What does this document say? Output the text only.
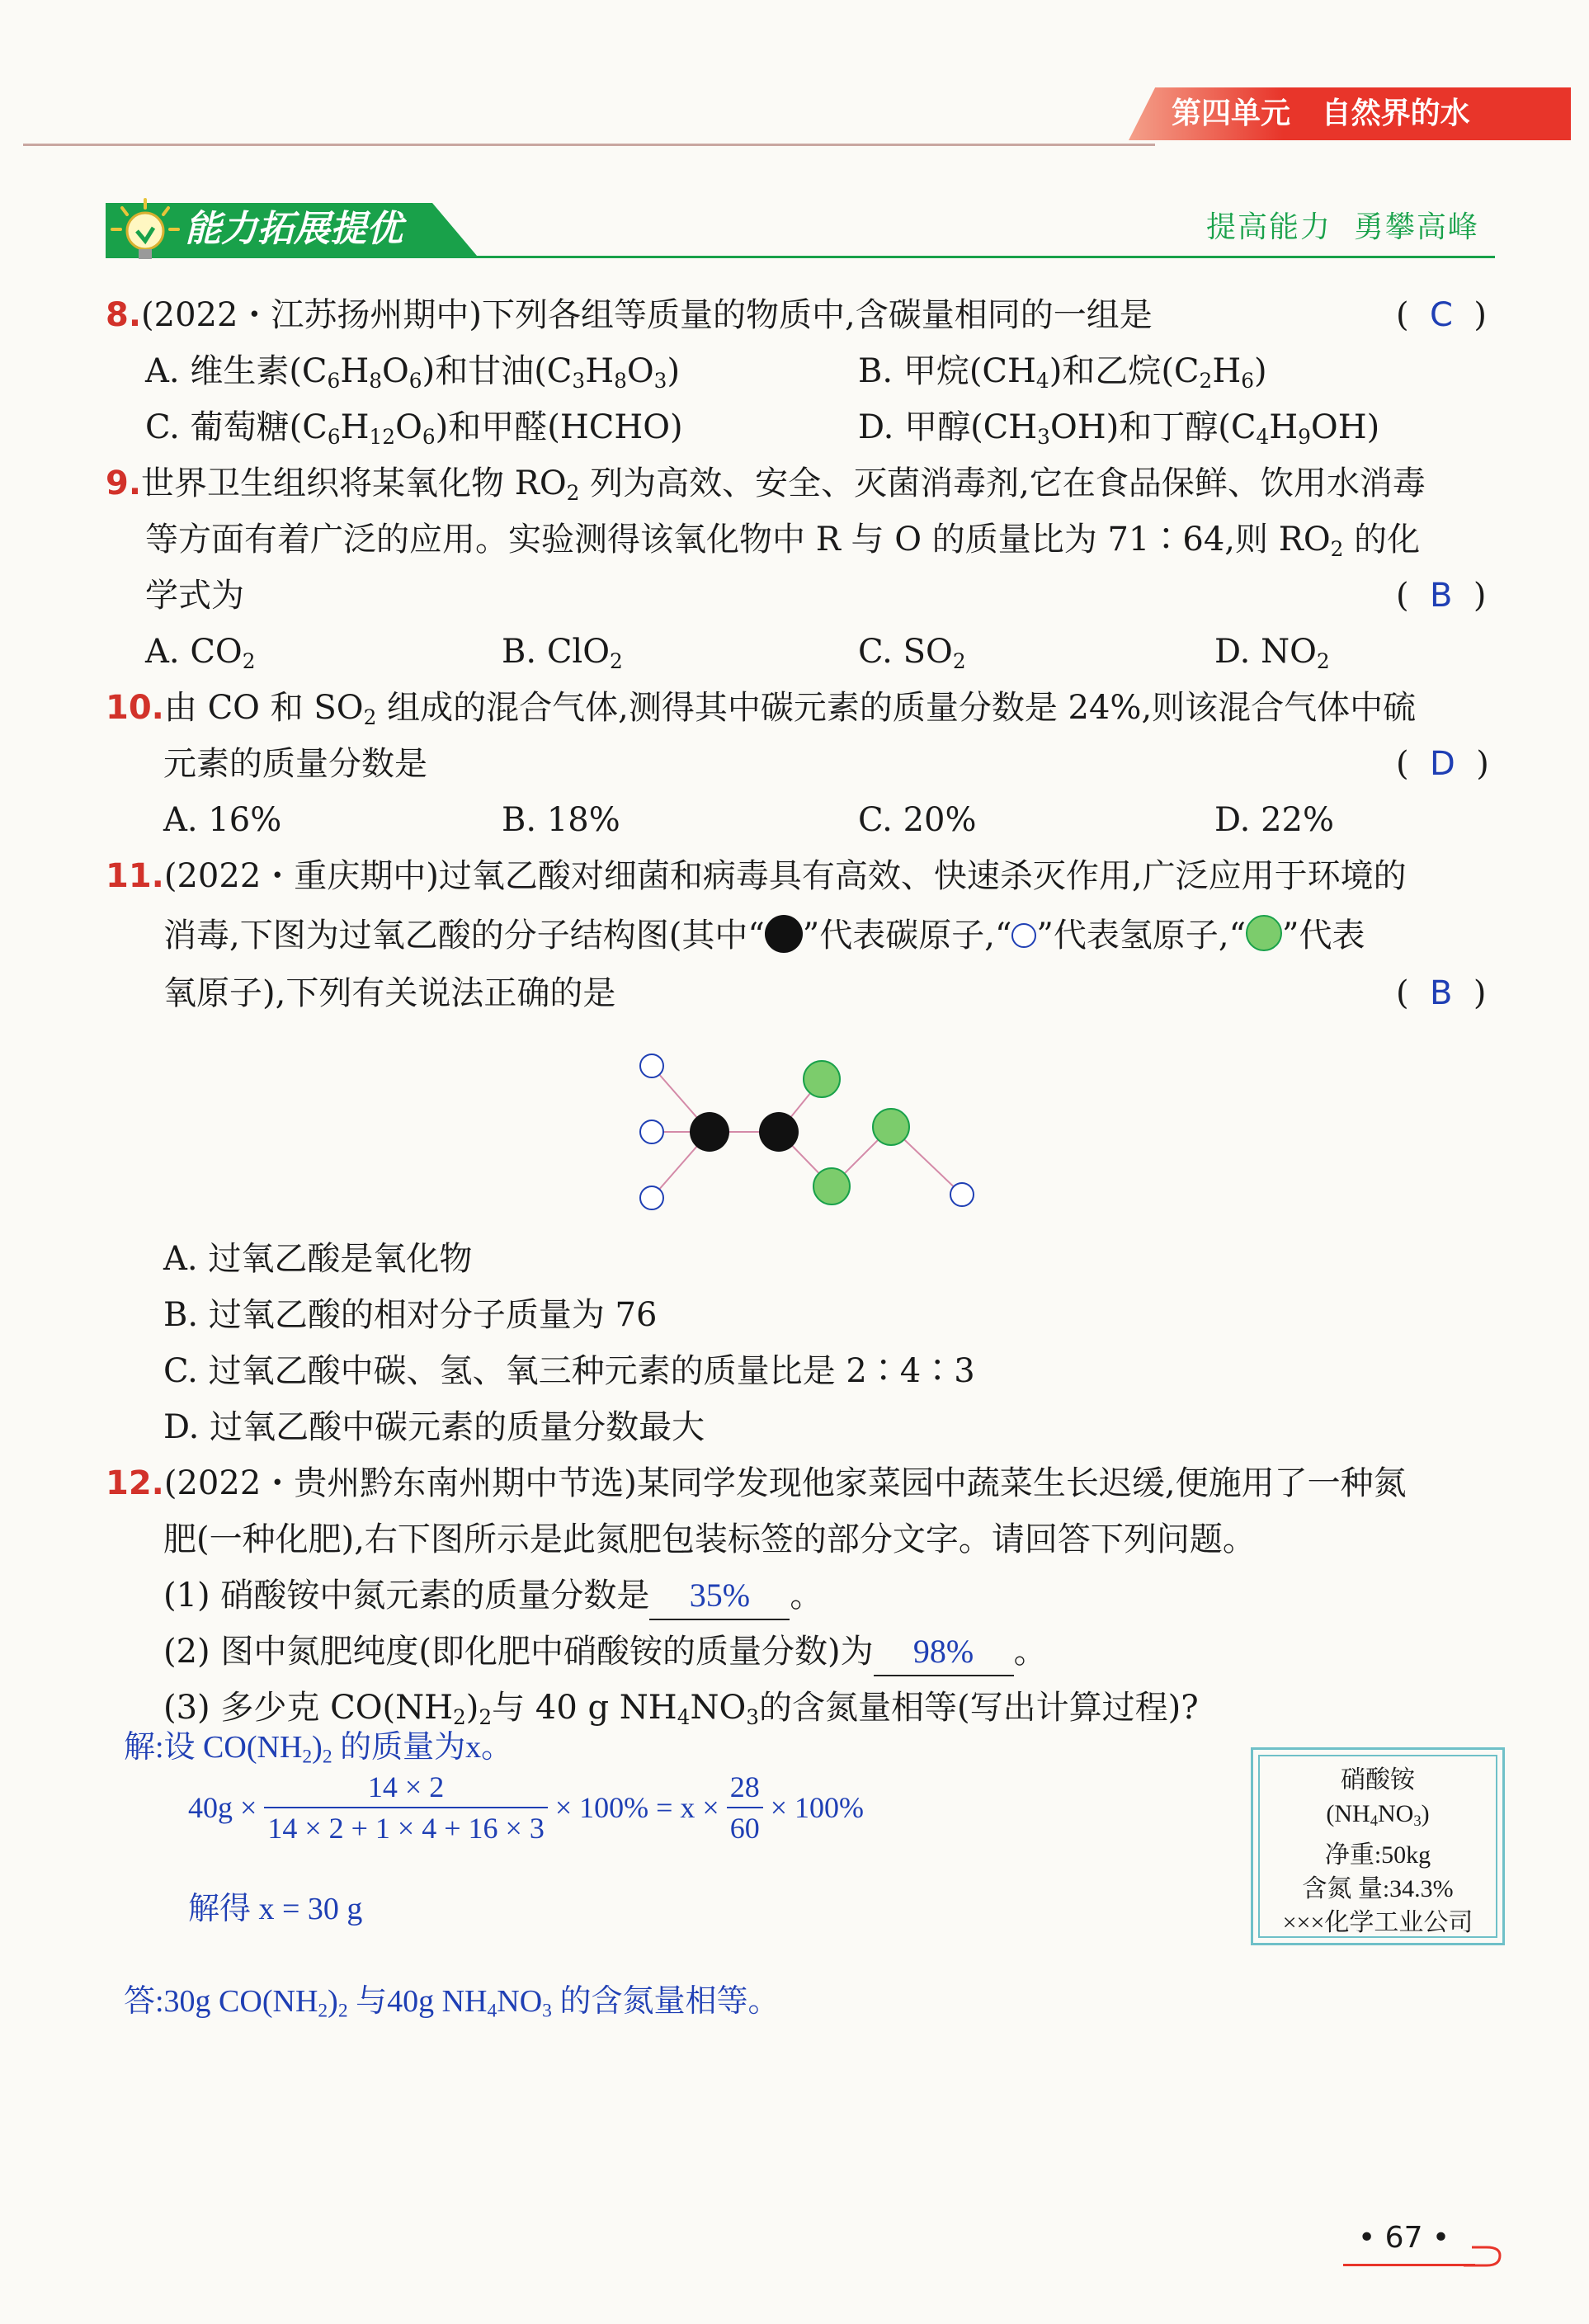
第四单元 自然界的水
能力拓展提优	提高能力  勇攀高峰
8.(2022・江苏扬州期中)下列各组等质量的物质中,含碳量相同的一组是	(  C  )
A. 维生素$(C_6H_8O_6)$和甘油$(C_3H_8O_3)$	B. 甲烷$(CH_4)$和乙烷$(C_2H_6)$
C. 葡萄糖$(C_6H_{12}O_6)$和甲醛(HCHO)	D. 甲醇$(CH_3OH)$和丁醇$(C_4H_9OH)$
9.世界卫生组织将某氧化物 $RO_2$ 列为高效、安全、灭菌消毒剂,它在食品保鲜、饮用水消毒
等方面有着广泛的应用。实验测得该氧化物中 R 与 O 的质量比为 71∶64,则 $RO_2$ 的化
学式为	(  B  )
A. $CO_2$	B. ClO$_2$	C. $SO_2$	D. $NO_2$
10.由 CO 和 $SO_2$ 组成的混合气体,测得其中碳元素的质量分数是 24%,则该混合气体中硫
元素的质量分数是	(  D  )
A. 16%	B. 18%	C. 20%	D. 22%
11.(2022・重庆期中)过氧乙酸对细菌和病毒具有高效、快速杀灭作用,广泛应用于环境的
消毒,下图为过氧乙酸的分子结构图(其中“ ”代表碳原子,“ ”代表氢原子,“ ”代表
氧原子),下列有关说法正确的是	(  B  )
A. 过氧乙酸是氧化物
B. 过氧乙酸的相对分子质量为 76
C. 过氧乙酸中碳、氢、氧三种元素的质量比是 2∶4∶3
D. 过氧乙酸中碳元素的质量分数最大
12.(2022・贵州黔东南州期中节选)某同学发现他家菜园中蔬菜生长迟缓,便施用了一种氮
肥(一种化肥),右下图所示是此氮肥包装标签的部分文字。请回答下列问题。
(1) 硝酸铵中氮元素的质量分数是 35% 。
(2) 图中氮肥纯度(即化肥中硝酸铵的质量分数)为 98% 。
(3) 多少克 $CO(NH_2)_2$与 40 g $NH_4NO_3$的含氮量相等(写出计算过程)?
解:设 $CO(NH_2)_2$ 的质量为x。
40g ×
$\frac{14 \times 2}{14 \times 2 + 1 \times 4 + 16 \times 3}$
× 100% = x ×
$\frac{28}{60}$
× 100%
解得 x = 30 g
答:30g $CO(NH_2)_2$ 与40g $NH_4NO_3$ 的含氮量相等。
硝酸铵
$(NH_4NO_3)$
净重:50kg
含氮 量:34.3%
×××化学工业公司
• 67 •
